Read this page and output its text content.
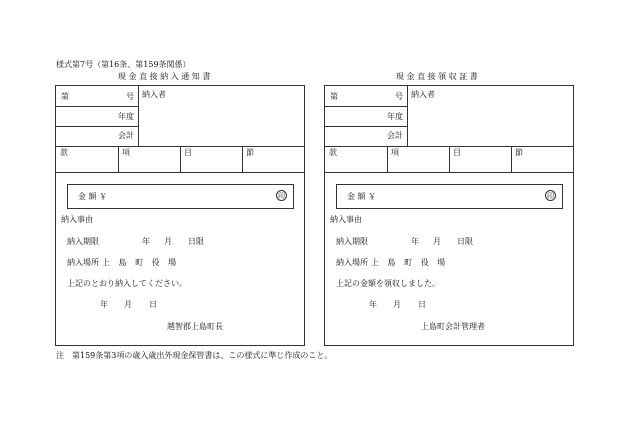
様式第7号（第16条、第159条関係）
現 金 直 接 納 入 通 知 書	現 金 直 接 領 収 証 書
第	号 納入者
年度
会計
款	項	目	節
金 額 ￥	印
納入事由
納入期限	年 月 日限
納入場所 上 島 町 役 場
上記のとおり納入してください。
年 月 日
越智郡上島町長
第	号 納入者
年度
会計
款	項	目	節
金 額 ￥	印
納入事由
納入期限	年 月 日限
納入場所 上 島 町 役 場
上記の金額を領収しました。
年 月 日
上島町会計管理者
注　第159条第3項の歳入歳出外現金保管書は、この様式に準じ作成のこと。
